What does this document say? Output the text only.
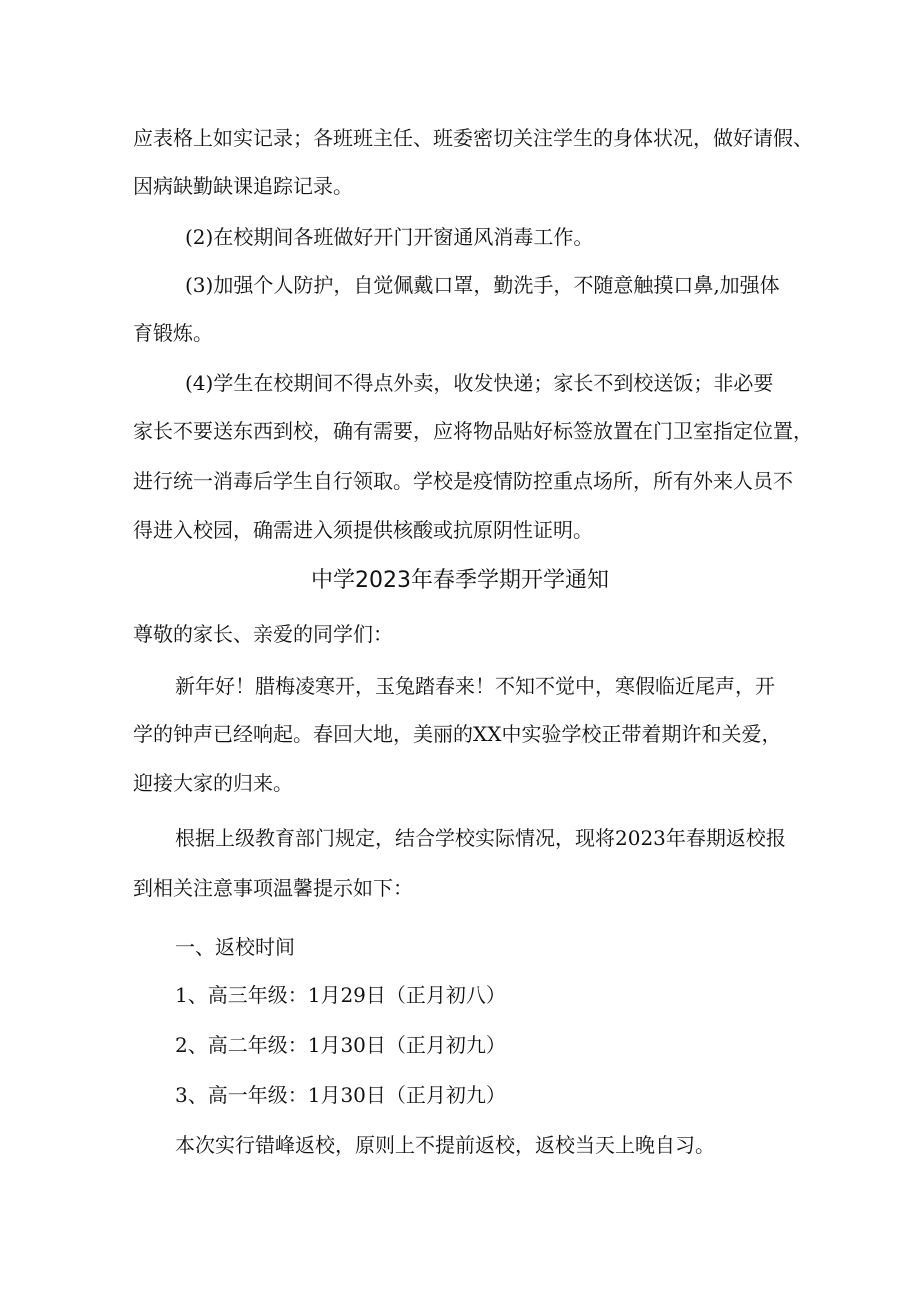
应表格上如实记录；各班班主任、班委密切关注学生的身体状况，做好请假、
因病缺勤缺课追踪记录。
(2)在校期间各班做好开门开窗通风消毒工作。
(3)加强个人防护，自觉佩戴口罩，勤洗手，不随意触摸口鼻,加强体
育锻炼。
(4)学生在校期间不得点外卖，收发快递；家长不到校送饭；非必要
家长不要送东西到校，确有需要，应将物品贴好标签放置在门卫室指定位置，
进行统一消毒后学生自行领取。学校是疫情防控重点场所，所有外来人员不
得进入校园，确需进入须提供核酸或抗原阴性证明。
中学2023年春季学期开学通知
尊敬的家长、亲爱的同学们：
新年好！腊梅凌寒开，玉兔踏春来！不知不觉中，寒假临近尾声，开
学的钟声已经响起。春回大地，美丽的XX中实验学校正带着期许和关爱，
迎接大家的归来。
根据上级教育部门规定，结合学校实际情况，现将2023年春期返校报
到相关注意事项温馨提示如下：
一、返校时间
1、高三年级：1月29日（正月初八）
2、高二年级：1月30日（正月初九）
3、高一年级：1月30日（正月初九）
本次实行错峰返校，原则上不提前返校，返校当天上晚自习。
